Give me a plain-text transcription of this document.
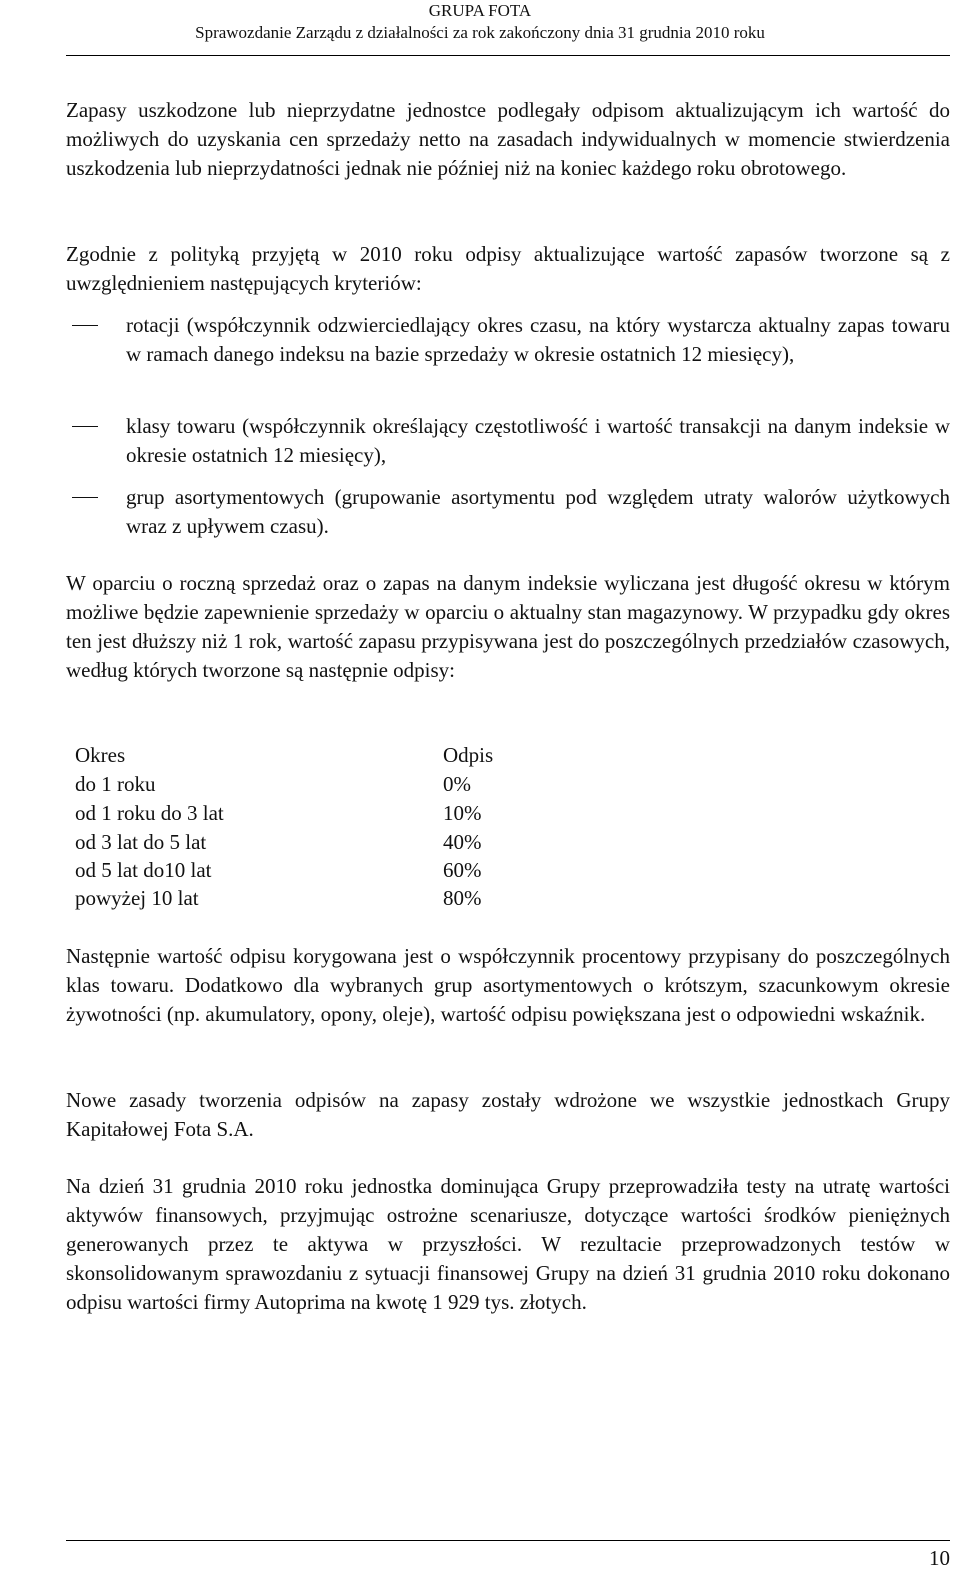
GRUPA FOTA
Sprawozdanie Zarządu z działalności za rok zakończony dnia 31 grudnia 2010 roku

Zapasy uszkodzone lub nieprzydatne jednostce podlegały odpisom aktualizującym ich wartość do możliwych do uzyskania cen sprzedaży netto na zasadach indywidualnych w momencie stwierdzenia uszkodzenia lub nieprzydatności jednak nie później niż na koniec każdego roku obrotowego.

Zgodnie z polityką przyjętą w 2010 roku odpisy aktualizujące wartość zapasów tworzone są z uwzględnieniem następujących kryteriów:

rotacji (współczynnik odzwierciedlający okres czasu, na który wystarcza aktualny zapas towaru w ramach danego indeksu na bazie sprzedaży w okresie ostatnich 12 miesięcy),

klasy towaru (współczynnik określający częstotliwość i wartość transakcji na danym indeksie w okresie ostatnich 12 miesięcy),

grup asortymentowych (grupowanie asortymentu pod względem utraty walorów użytkowych wraz z upływem czasu).

W oparciu o roczną sprzedaż oraz o zapas na danym indeksie wyliczana jest długość okresu w którym możliwe będzie zapewnienie sprzedaży w oparciu o aktualny stan magazynowy. W przypadku gdy okres ten jest dłuższy niż 1 rok, wartość zapasu przypisywana jest do poszczególnych przedziałów czasowych, według których tworzone są następnie odpisy:

Okres	Odpis
do 1 roku	0%
od 1 roku do 3 lat	10%
od 3 lat do 5 lat	40%
od 5 lat do10 lat	60%
powyżej 10 lat	80%

Następnie wartość odpisu korygowana jest o współczynnik procentowy przypisany do poszczególnych klas towaru. Dodatkowo dla wybranych grup asortymentowych o krótszym, szacunkowym okresie żywotności (np. akumulatory, opony, oleje), wartość odpisu powiększana jest o odpowiedni wskaźnik.

Nowe zasady tworzenia odpisów na zapasy zostały wdrożone we wszystkie jednostkach Grupy Kapitałowej Fota S.A.

Na dzień 31 grudnia 2010 roku jednostka dominująca Grupy przeprowadziła testy na utratę wartości aktywów finansowych, przyjmując ostrożne scenariusze, dotyczące wartości środków pieniężnych generowanych przez te aktywa w przyszłości. W rezultacie przeprowadzonych testów w skonsolidowanym sprawozdaniu z sytuacji finansowej Grupy na dzień 31 grudnia 2010 roku dokonano odpisu wartości firmy Autoprima na kwotę 1 929 tys. złotych.

10
